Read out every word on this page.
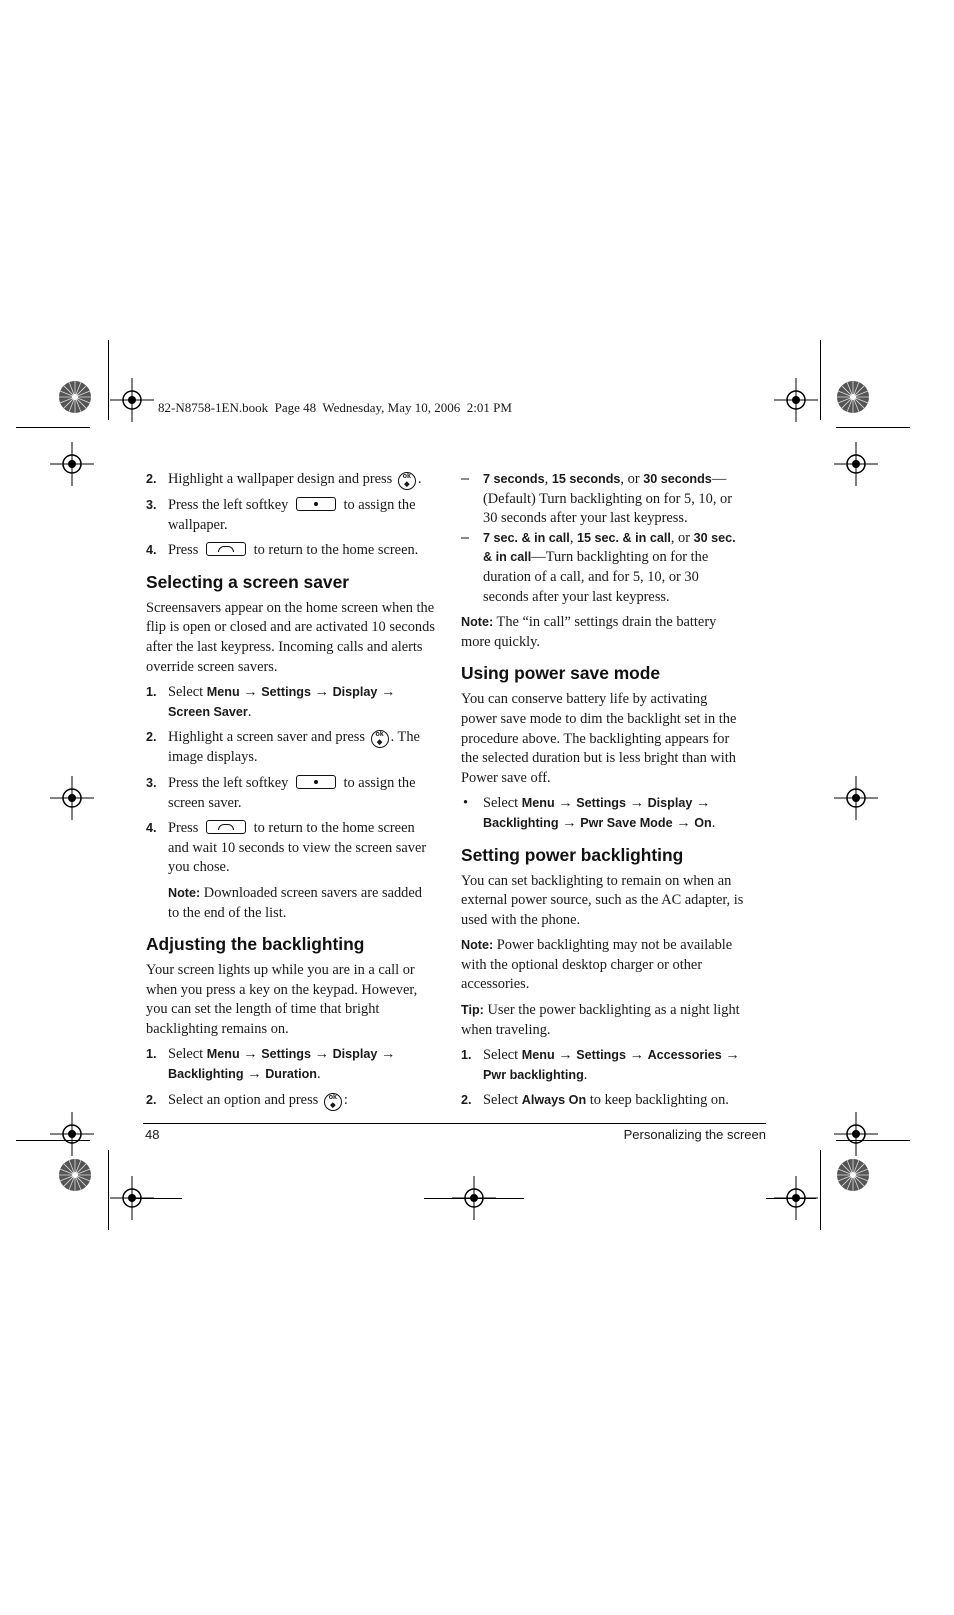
82-N8758-1EN.book  Page 48  Wednesday, May 10, 2006  2:01 PM
2. Highlight a wallpaper design and press ok
◆ .
3. Press the left softkey	to assign the wallpaper.
4. Press	to return to the home screen.
Selecting a screen saver

Screensavers appear on the home screen when the flip is open or closed and are activated 10 seconds after the last keypress. Incoming calls and alerts override screen savers.

1. Select Menu → Settings → Display → Screen Saver.
2. Highlight a screen saver and press ok
◆ . The image displays.
3. Press the left softkey	to assign the screen saver.
4. Press	to return to the home screen and wait 10 seconds to view the screen saver you chose.
Note: Downloaded screen savers are sadded to the end of the list.
Adjusting the backlighting

Your screen lights up while you are in a call or when you press a key on the keypad. However, you can set the length of time that bright backlighting remains on.

1. Select Menu → Settings → Display → Backlighting → Duration.
2. Select an option and press ok
◆ :
– 7 seconds, 15 seconds, or 30 seconds—(Default) Turn backlighting on for 5, 10, or 30 seconds after your last keypress.
– 7 sec. & in call, 15 sec. & in call, or 30 sec. & in call—Turn backlighting on for the duration of a call, and for 5, 10, or 30 seconds after your last keypress.

Note: The “in call” settings drain the battery more quickly.

Using power save mode

You can conserve battery life by activating power save mode to dim the backlight set in the procedure above. The backlighting appears for the selected duration but is less bright than with Power save off.

• Select Menu → Settings → Display → Backlighting → Pwr Save Mode → On.
Setting power backlighting

You can set backlighting to remain on when an external power source, such as the AC adapter, is used with the phone.

Note: Power backlighting may not be available with the optional desktop charger or other accessories.

Tip: User the power backlighting as a night light when traveling.

1. Select Menu → Settings → Accessories → Pwr backlighting.
2. Select Always On to keep backlighting on.
48	Personalizing the screen
